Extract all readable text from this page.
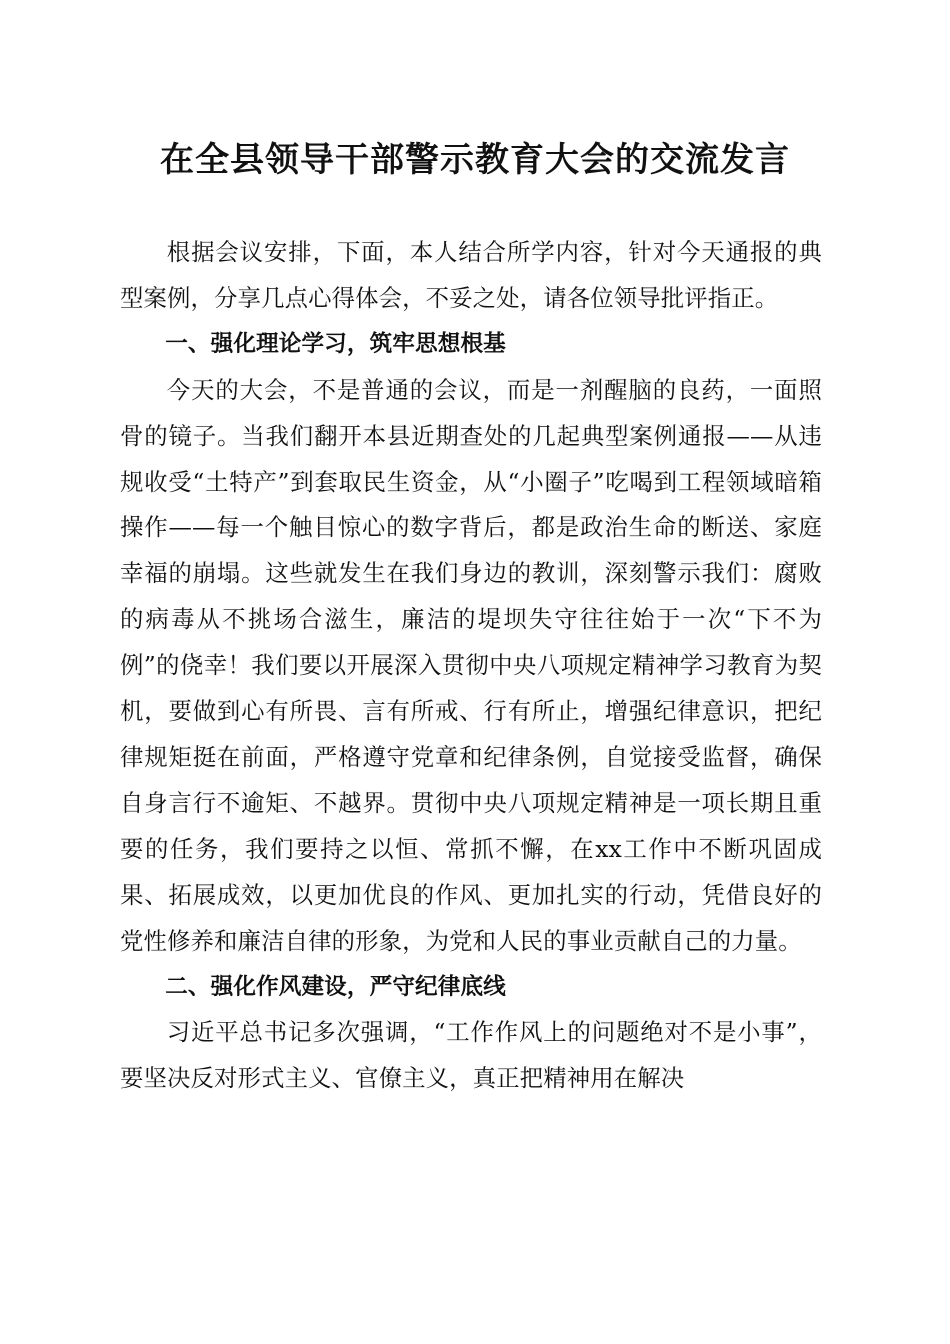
在全县领导干部警示教育大会的交流发言

根据会议安排，下面，本人结合所学内容，针对今天通报的典型案例，分享几点心得体会，不妥之处，请各位领导批评指正。

一、强化理论学习，筑牢思想根基

今天的大会，不是普通的会议，而是一剂醒脑的良药，一面照骨的镜子。当我们翻开本县近期查处的几起典型案例通报——从违规收受“土特产”到套取民生资金，从“小圈子”吃喝到工程领域暗箱操作——每一个触目惊心的数字背后，都是政治生命的断送、家庭幸福的崩塌。这些就发生在我们身边的教训，深刻警示我们：腐败的病毒从不挑场合滋生，廉洁的堤坝失守往往始于一次“下不为例”的侥幸！我们要以开展深入贯彻中央八项规定精神学习教育为契机，要做到心有所畏、言有所戒、行有所止，增强纪律意识，把纪律规矩挺在前面，严格遵守党章和纪律条例，自觉接受监督，确保自身言行不逾矩、不越界。贯彻中央八项规定精神是一项长期且重要的任务，我们要持之以恒、常抓不懈，在xx工作中不断巩固成果、拓展成效，以更加优良的作风、更加扎实的行动，凭借良好的党性修养和廉洁自律的形象，为党和人民的事业贡献自己的力量。

二、强化作风建设，严守纪律底线

习近平总书记多次强调，“工作作风上的问题绝对不是小事”，要坚决反对形式主义、官僚主义，真正把精神用在解决
